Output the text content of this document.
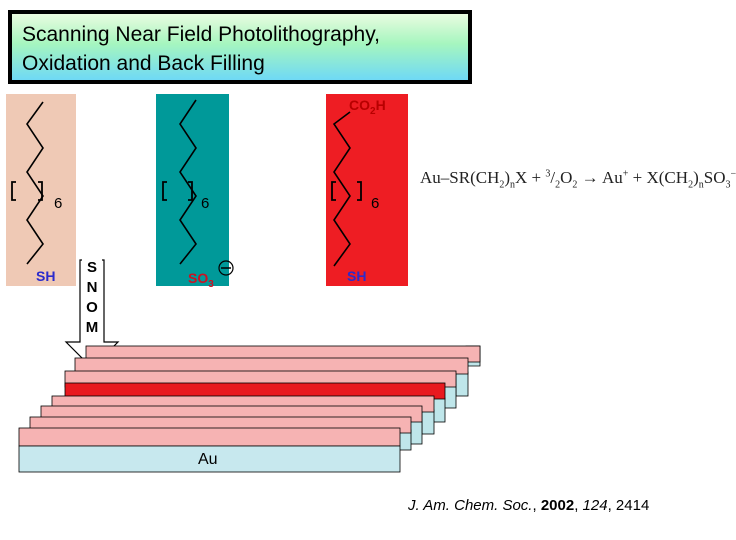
Scanning Near Field Photolithography,
Oxidation and Back Filling
6	6	6
SH	$SO_3$
$CO_2H$
SH
Au
S
N
O
M
$Au-SR(CH_2)_nX + ^3/_2O_2 \to Au^+ + X(CH_2)_nSO_3^-$
J. Am. Chem. Soc., 2002, 124, 2414
